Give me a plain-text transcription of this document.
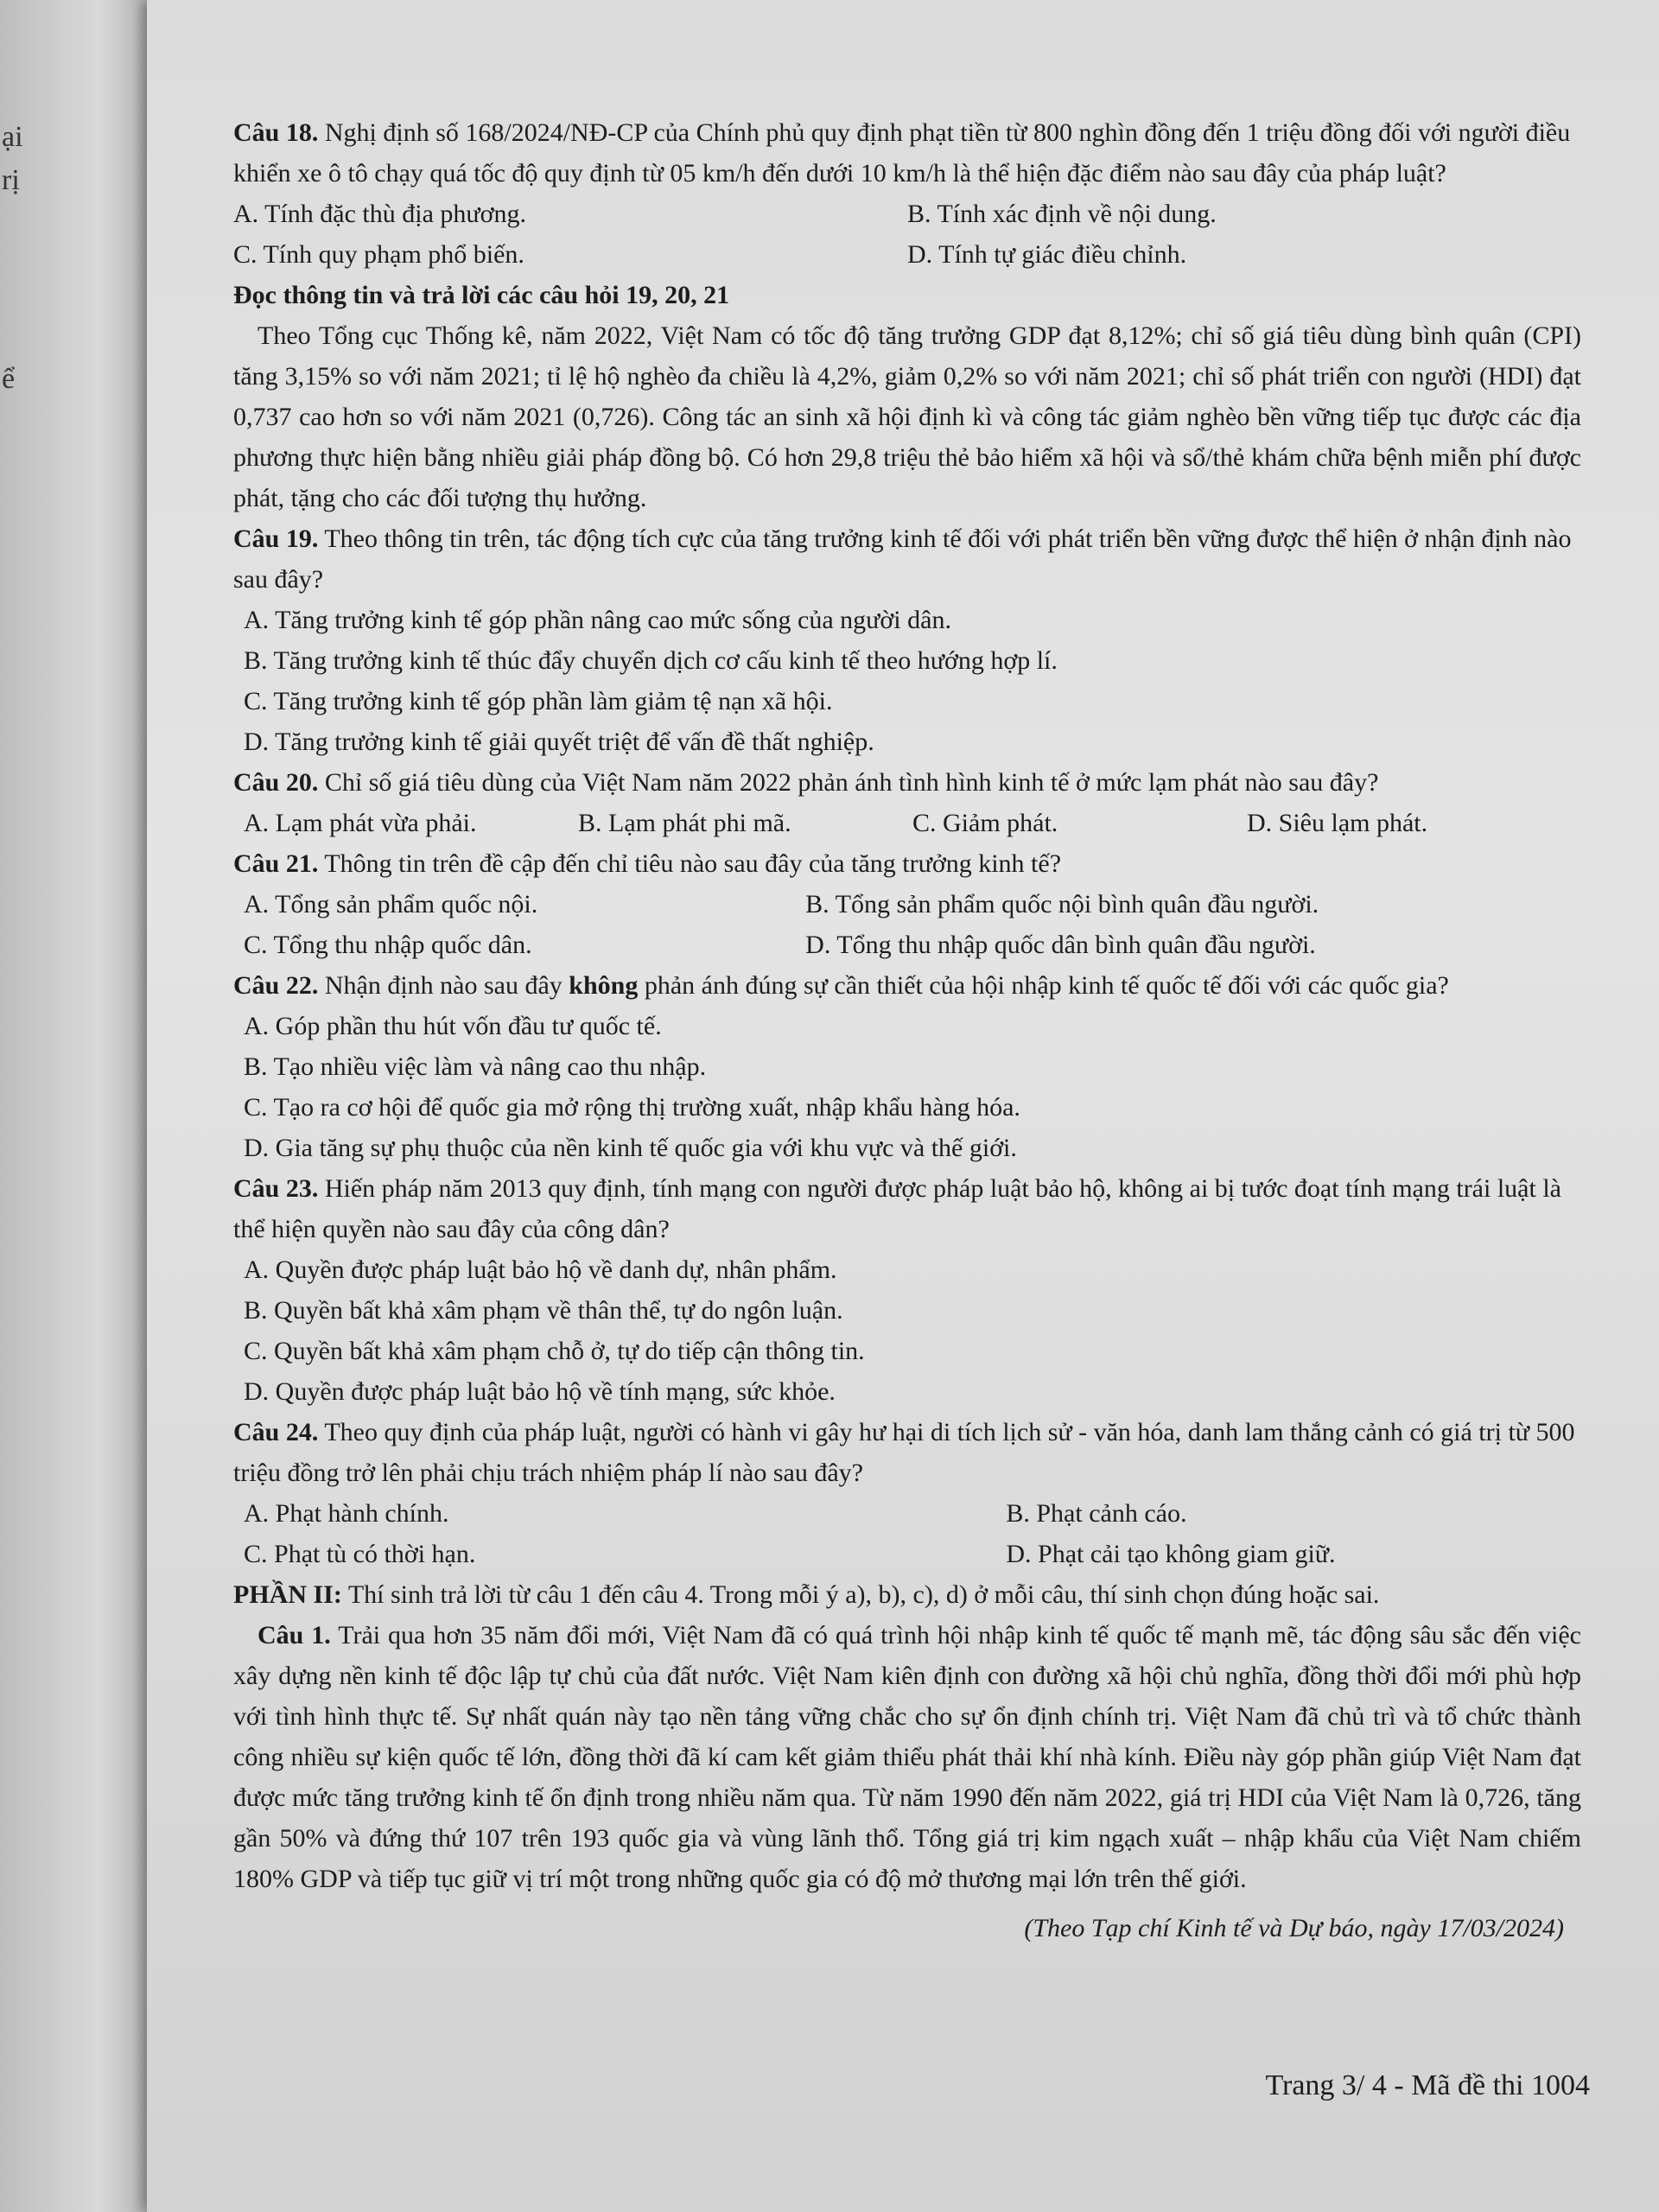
ại
rị
ể

Câu 18. Nghị định số 168/2024/NĐ-CP của Chính phủ quy định phạt tiền từ 800 nghìn đồng đến 1 triệu đồng đối với người điều khiển xe ô tô chạy quá tốc độ quy định từ 05 km/h đến dưới 10 km/h là thể hiện đặc điểm nào sau đây của pháp luật?

A. Tính đặc thù địa phương.	B. Tính xác định về nội dung.

C. Tính quy phạm phổ biến.	D. Tính tự giác điều chỉnh.

Đọc thông tin và trả lời các câu hỏi 19, 20, 21

Theo Tổng cục Thống kê, năm 2022, Việt Nam có tốc độ tăng trưởng GDP đạt 8,12%; chỉ số giá tiêu dùng bình quân (CPI) tăng 3,15% so với năm 2021; tỉ lệ hộ nghèo đa chiều là 4,2%, giảm 0,2% so với năm 2021; chỉ số phát triển con người (HDI) đạt 0,737 cao hơn so với năm 2021 (0,726). Công tác an sinh xã hội định kì và công tác giảm nghèo bền vững tiếp tục được các địa phương thực hiện bằng nhiều giải pháp đồng bộ. Có hơn 29,8 triệu thẻ bảo hiểm xã hội và sổ/thẻ khám chữa bệnh miễn phí được phát, tặng cho các đối tượng thụ hưởng.

Câu 19. Theo thông tin trên, tác động tích cực của tăng trưởng kinh tế đối với phát triển bền vững được thể hiện ở nhận định nào sau đây?

A. Tăng trưởng kinh tế góp phần nâng cao mức sống của người dân.

B. Tăng trưởng kinh tế thúc đẩy chuyển dịch cơ cấu kinh tế theo hướng hợp lí.

C. Tăng trưởng kinh tế góp phần làm giảm tệ nạn xã hội.

D. Tăng trưởng kinh tế giải quyết triệt để vấn đề thất nghiệp.

Câu 20. Chỉ số giá tiêu dùng của Việt Nam năm 2022 phản ánh tình hình kinh tế ở mức lạm phát nào sau đây?

A. Lạm phát vừa phải.	B. Lạm phát phi mã.	C. Giảm phát.	D. Siêu lạm phát.

Câu 21. Thông tin trên đề cập đến chỉ tiêu nào sau đây của tăng trưởng kinh tế?

A. Tổng sản phẩm quốc nội.	B. Tổng sản phẩm quốc nội bình quân đầu người.

C. Tổng thu nhập quốc dân.	D. Tổng thu nhập quốc dân bình quân đầu người.

Câu 22. Nhận định nào sau đây không phản ánh đúng sự cần thiết của hội nhập kinh tế quốc tế đối với các quốc gia?

A. Góp phần thu hút vốn đầu tư quốc tế.

B. Tạo nhiều việc làm và nâng cao thu nhập.

C. Tạo ra cơ hội để quốc gia mở rộng thị trường xuất, nhập khẩu hàng hóa.

D. Gia tăng sự phụ thuộc của nền kinh tế quốc gia với khu vực và thế giới.

Câu 23. Hiến pháp năm 2013 quy định, tính mạng con người được pháp luật bảo hộ, không ai bị tước đoạt tính mạng trái luật là thể hiện quyền nào sau đây của công dân?

A. Quyền được pháp luật bảo hộ về danh dự, nhân phẩm.

B. Quyền bất khả xâm phạm về thân thể, tự do ngôn luận.

C. Quyền bất khả xâm phạm chỗ ở, tự do tiếp cận thông tin.

D. Quyền được pháp luật bảo hộ về tính mạng, sức khỏe.

Câu 24. Theo quy định của pháp luật, người có hành vi gây hư hại di tích lịch sử - văn hóa, danh lam thắng cảnh có giá trị từ 500 triệu đồng trở lên phải chịu trách nhiệm pháp lí nào sau đây?

A. Phạt hành chính.	B. Phạt cảnh cáo.

C. Phạt tù có thời hạn.	D. Phạt cải tạo không giam giữ.

PHẦN II: Thí sinh trả lời từ câu 1 đến câu 4. Trong mỗi ý a), b), c), d) ở mỗi câu, thí sinh chọn đúng hoặc sai.

Câu 1. Trải qua hơn 35 năm đổi mới, Việt Nam đã có quá trình hội nhập kinh tế quốc tế mạnh mẽ, tác động sâu sắc đến việc xây dựng nền kinh tế độc lập tự chủ của đất nước. Việt Nam kiên định con đường xã hội chủ nghĩa, đồng thời đổi mới phù hợp với tình hình thực tế. Sự nhất quán này tạo nền tảng vững chắc cho sự ổn định chính trị. Việt Nam đã chủ trì và tổ chức thành công nhiều sự kiện quốc tế lớn, đồng thời đã kí cam kết giảm thiểu phát thải khí nhà kính. Điều này góp phần giúp Việt Nam đạt được mức tăng trưởng kinh tế ổn định trong nhiều năm qua. Từ năm 1990 đến năm 2022, giá trị HDI của Việt Nam là 0,726, tăng gần 50% và đứng thứ 107 trên 193 quốc gia và vùng lãnh thổ. Tổng giá trị kim ngạch xuất – nhập khẩu của Việt Nam chiếm 180% GDP và tiếp tục giữ vị trí một trong những quốc gia có độ mở thương mại lớn trên thế giới.

(Theo Tạp chí Kinh tế và Dự báo, ngày 17/03/2024)

Trang 3/ 4 - Mã đề thi 1004
